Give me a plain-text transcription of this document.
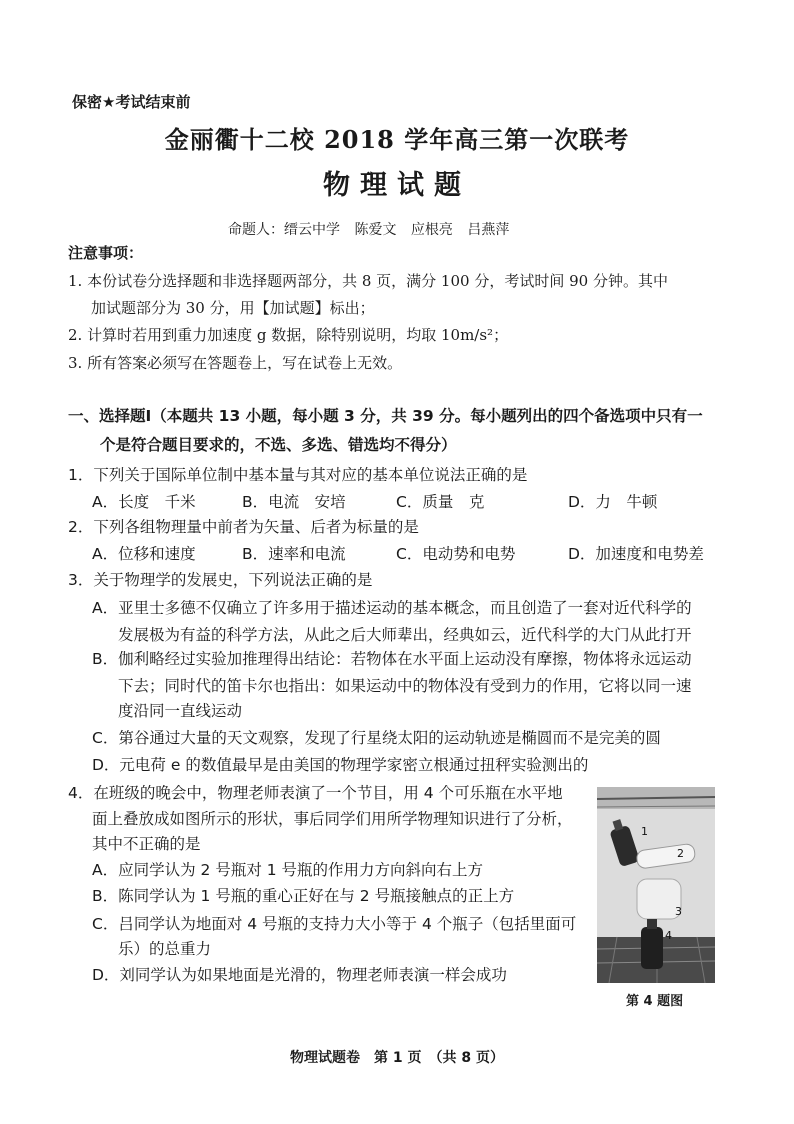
保密★考试结束前
金丽衢十二校 2018 学年高三第一次联考
物理试题
命题人：缙云中学 陈爱文 应根亮 吕燕萍
注意事项：
1. 本份试卷分选择题和非选择题两部分，共 8 页，满分 100 分，考试时间 90 分钟。其中
加试题部分为 30 分，用【加试题】标出；
2. 计算时若用到重力加速度 g 数据，除特别说明，均取 10m/s²；
3. 所有答案必须写在答题卷上，写在试卷上无效。
一、选择题Ⅰ（本题共 13 小题，每小题 3 分，共 39 分。每小题列出的四个备选项中只有一
个是符合题目要求的，不选、多选、错选均不得分）
1．下列关于国际单位制中基本量与其对应的基本单位说法正确的是
A．长度　千米	B．电流　安培	C．质量　克	D．力　牛顿
2．下列各组物理量中前者为矢量、后者为标量的是
A．位移和速度	B．速率和电流	C．电动势和电势	D．加速度和电势差
3．关于物理学的发展史，下列说法正确的是
A．亚里士多德不仅确立了许多用于描述运动的基本概念，而且创造了一套对近代科学的
发展极为有益的科学方法，从此之后大师辈出，经典如云，近代科学的大门从此打开
B．伽利略经过实验加推理得出结论：若物体在水平面上运动没有摩擦，物体将永远运动
下去；同时代的笛卡尔也指出：如果运动中的物体没有受到力的作用，它将以同一速
度沿同一直线运动
C．第谷通过大量的天文观察，发现了行星绕太阳的运动轨迹是椭圆而不是完美的圆
D．元电荷 e 的数值最早是由美国的物理学家密立根通过扭秤实验测出的
4．在班级的晚会中，物理老师表演了一个节目，用 4 个可乐瓶在水平地
面上叠放成如图所示的形状，事后同学们用所学物理知识进行了分析，
其中不正确的是
A．应同学认为 2 号瓶对 1 号瓶的作用力方向斜向右上方
B．陈同学认为 1 号瓶的重心正好在与 2 号瓶接触点的正上方
C．吕同学认为地面对 4 号瓶的支持力大小等于 4 个瓶子（包括里面可
乐）的总重力
D．刘同学认为如果地面是光滑的，物理老师表演一样会成功
1
2
3
4
第 4 题图
物理试题卷　第 1 页　（共 8 页）
